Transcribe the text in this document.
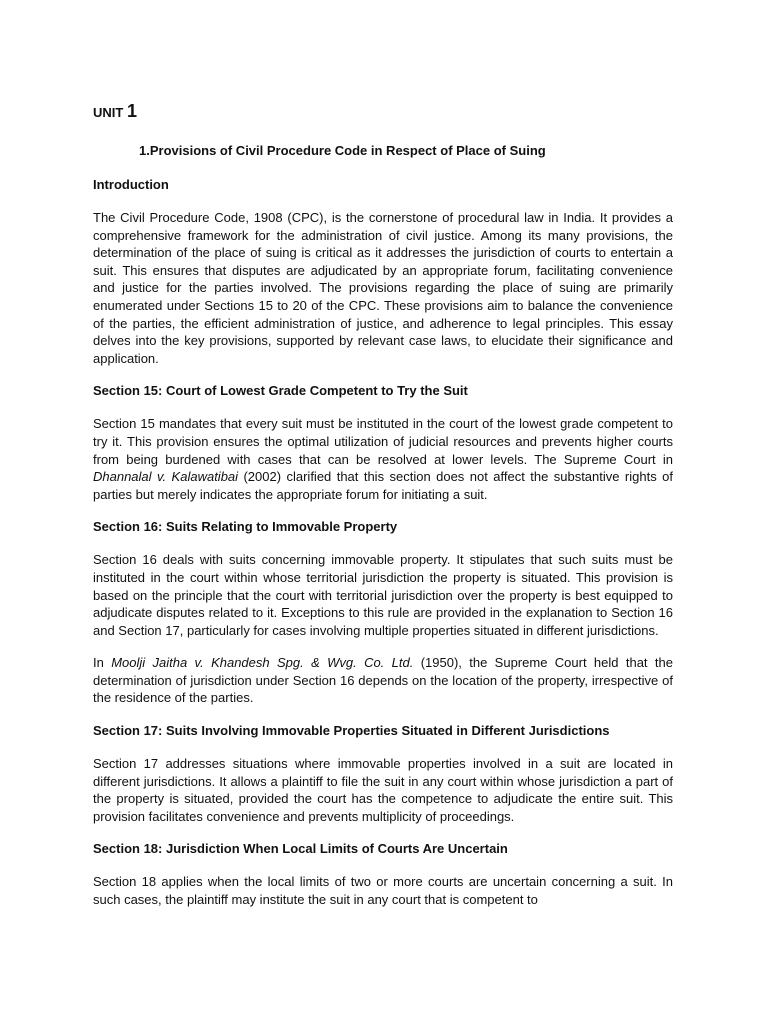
UNIT 1
1.Provisions of Civil Procedure Code in Respect of Place of Suing
Introduction
The Civil Procedure Code, 1908 (CPC), is the cornerstone of procedural law in India. It provides a comprehensive framework for the administration of civil justice. Among its many provisions, the determination of the place of suing is critical as it addresses the jurisdiction of courts to entertain a suit. This ensures that disputes are adjudicated by an appropriate forum, facilitating convenience and justice for the parties involved. The provisions regarding the place of suing are primarily enumerated under Sections 15 to 20 of the CPC. These provisions aim to balance the convenience of the parties, the efficient administration of justice, and adherence to legal principles. This essay delves into the key provisions, supported by relevant case laws, to elucidate their significance and application.
Section 15: Court of Lowest Grade Competent to Try the Suit
Section 15 mandates that every suit must be instituted in the court of the lowest grade competent to try it. This provision ensures the optimal utilization of judicial resources and prevents higher courts from being burdened with cases that can be resolved at lower levels. The Supreme Court in Dhannalal v. Kalawatibai (2002) clarified that this section does not affect the substantive rights of parties but merely indicates the appropriate forum for initiating a suit.
Section 16: Suits Relating to Immovable Property
Section 16 deals with suits concerning immovable property. It stipulates that such suits must be instituted in the court within whose territorial jurisdiction the property is situated. This provision is based on the principle that the court with territorial jurisdiction over the property is best equipped to adjudicate disputes related to it. Exceptions to this rule are provided in the explanation to Section 16 and Section 17, particularly for cases involving multiple properties situated in different jurisdictions.
In Moolji Jaitha v. Khandesh Spg. & Wvg. Co. Ltd. (1950), the Supreme Court held that the determination of jurisdiction under Section 16 depends on the location of the property, irrespective of the residence of the parties.
Section 17: Suits Involving Immovable Properties Situated in Different Jurisdictions
Section 17 addresses situations where immovable properties involved in a suit are located in different jurisdictions. It allows a plaintiff to file the suit in any court within whose jurisdiction a part of the property is situated, provided the court has the competence to adjudicate the entire suit. This provision facilitates convenience and prevents multiplicity of proceedings.
Section 18: Jurisdiction When Local Limits of Courts Are Uncertain
Section 18 applies when the local limits of two or more courts are uncertain concerning a suit. In such cases, the plaintiff may institute the suit in any court that is competent to
